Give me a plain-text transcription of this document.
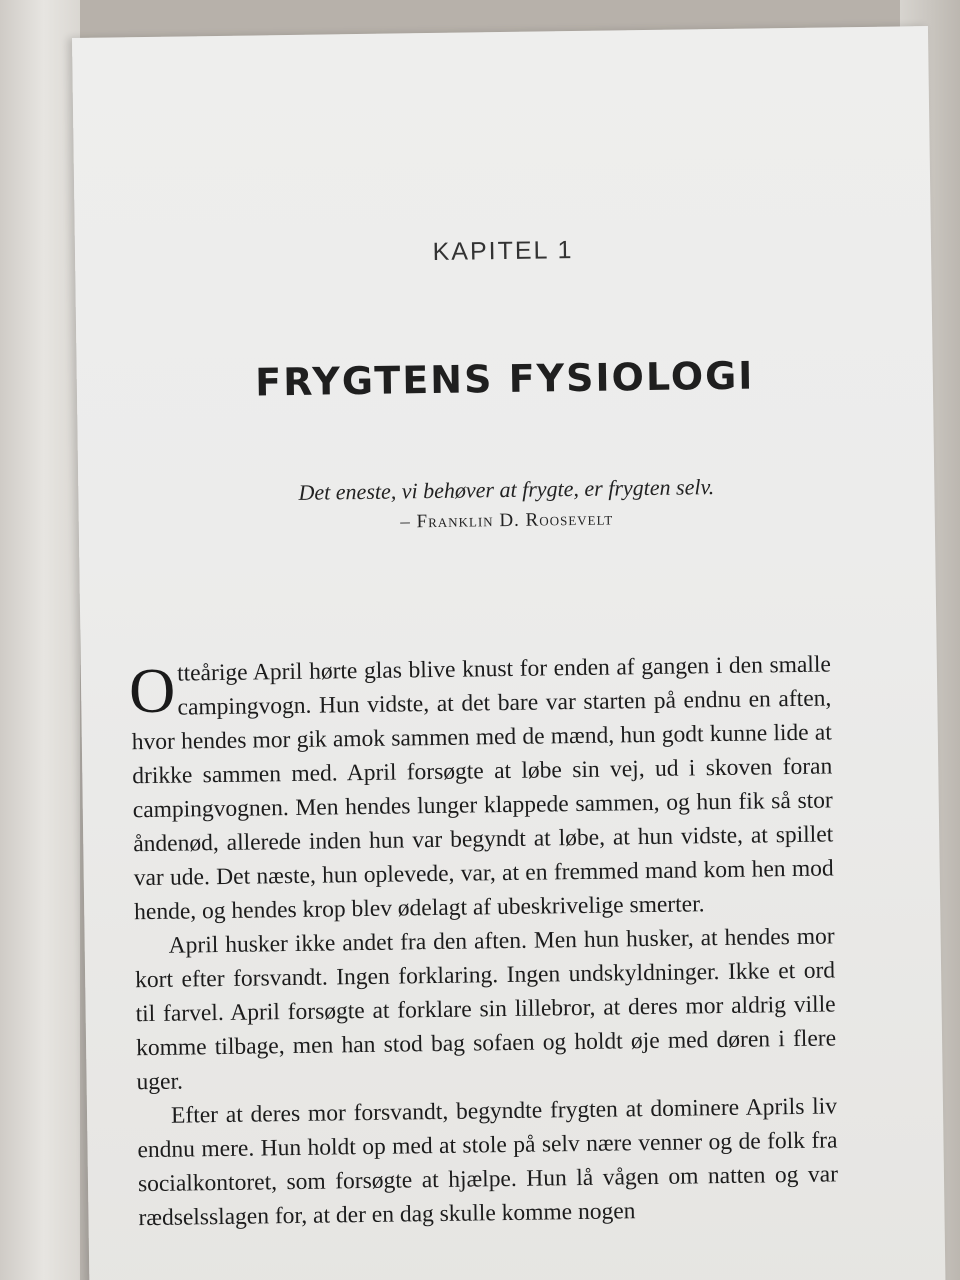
KAPITEL 1
FRYGTENS FYSIOLOGI
Det eneste, vi behøver at frygte, er frygten selv.
– Franklin D. Roosevelt

Otteårige April hørte glas blive knust for enden af gangen i den smalle campingvogn. Hun vidste, at det bare var starten på endnu en aften, hvor hendes mor gik amok sammen med de mænd, hun godt kunne lide at drikke sammen med. April forsøgte at løbe sin vej, ud i skoven foran campingvognen. Men hendes lunger klappede sammen, og hun fik så stor åndenød, allerede inden hun var begyndt at løbe, at hun vidste, at spillet var ude. Det næste, hun oplevede, var, at en fremmed mand kom hen mod hende, og hendes krop blev ødelagt af ubeskrivelige smerter.

April husker ikke andet fra den aften. Men hun husker, at hendes mor kort efter forsvandt. Ingen forklaring. Ingen undskyldninger. Ikke et ord til farvel. April forsøgte at forklare sin lillebror, at deres mor aldrig ville komme tilbage, men han stod bag sofaen og holdt øje med døren i flere uger.

Efter at deres mor forsvandt, begyndte frygten at dominere Aprils liv endnu mere. Hun holdt op med at stole på selv nære venner og de folk fra socialkontoret, som forsøgte at hjælpe. Hun lå vågen om natten og var rædselsslagen for, at der en dag skulle komme nogen
